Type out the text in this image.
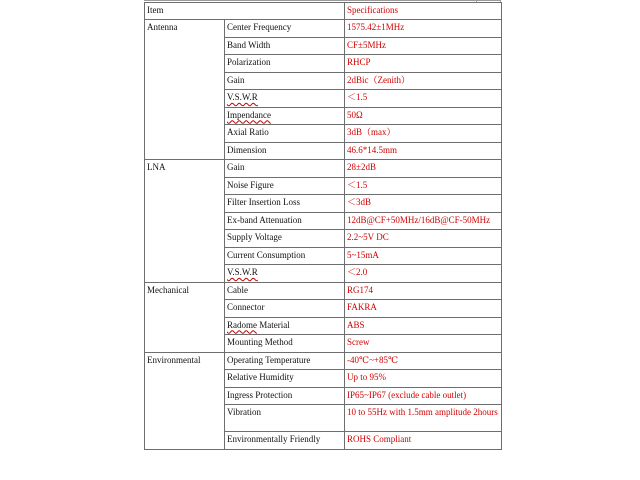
Item		Specifications
Antenna	Center Frequency	1575.42±1MHz
	Band Width	CF±5MHz
	Polarization	RHCP
	Gain	2dBic（Zenith）
	V.S.W.R	＜1.5
	Impendance	50Ω
	Axial Ratio	3dB（max）
	Dimension	46.6*14.5mm
LNA	Gain	28±2dB
	Noise Figure	＜1.5
	Filter Insertion Loss	＜3dB
	Ex-band Attenuation	12dB@CF+50MHz/16dB@CF-50MHz
	Supply Voltage	2.2~5V DC
	Current Consumption	5~15mA
	V.S.W.R	＜2.0
Mechanical	Cable	RG174
	Connector	FAKRA
	Radome Material	ABS
	Mounting Method	Screw
Environmental	Operating Temperature	-40℃~+85℃
	Relative Humidity	Up to 95%
	Ingress Protection	IP65~IP67 (exclude cable outlet)
	Vibration	10 to 55Hz with 1.5mm amplitude 2hours
	Environmentally Friendly	ROHS Compliant
